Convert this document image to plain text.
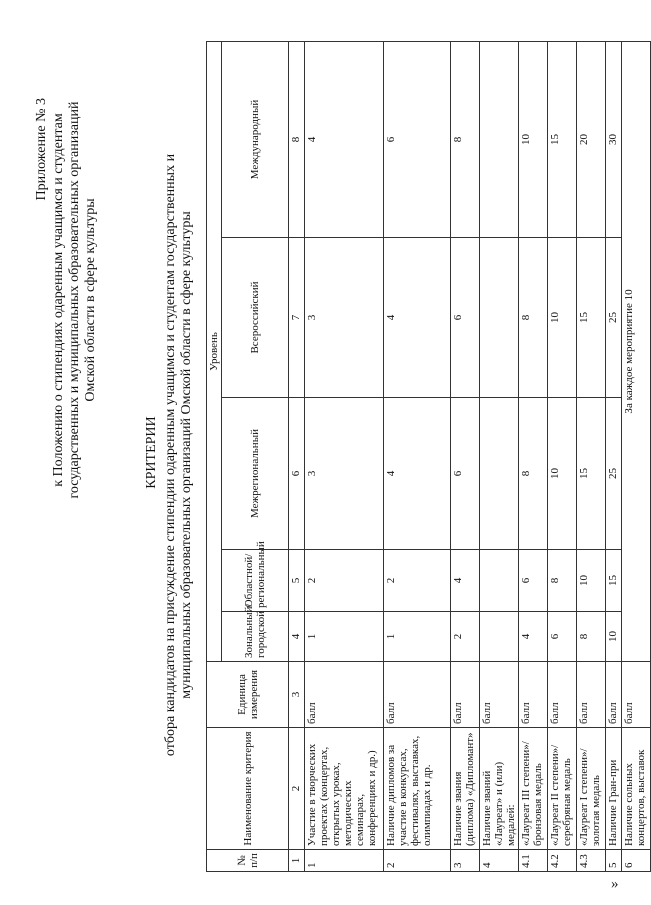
»
Приложение № 3 к Положению о стипендиях одаренным учащимся и студентам государственных и муниципальных образовательных организаций Омской области в сфере культуры
КРИТЕРИИ отбора кандидатов на присуждение стипендии одаренным учащимся и студентам государственных и муниципальных образовательных организаций Омской области в сфере культуры
№ п/п	Наименование критерия	Единица измерения	Уровень				
			Зональный/ городской	Областной/ региональный	Межрегиональный	Всероссийский	Международный
1	2	3	4	5	6	7	8
1	Участие в творческих проектах (концертах, открытых уроках, методических семинарах, конференциях и др.)	балл	1	2	3	3	4
2	Наличие дипломов за участие в конкурсах, фестивалях, выставках, олимпиадах и др.	балл	1	2	4	4	6
3	Наличие звания (диплома) «Дипломант»	балл	2	4	6	6	8
4	Наличие званий «Лауреат» и (или) медалей:	балл					
4.1	«Лауреат III степени»/ бронзовая медаль	балл	4	6	8	8	10
4.2	«Лауреат II степени»/ серебряная медаль	балл	6	8	10	10	15
4.3	«Лауреат I степени»/ золотая медаль	балл	8	10	15	15	20
5	Наличие Гран-при	балл	10	15	25	25	30
6	Наличие сольных концертов, выставок	балл	За каждое мероприятие 10				
